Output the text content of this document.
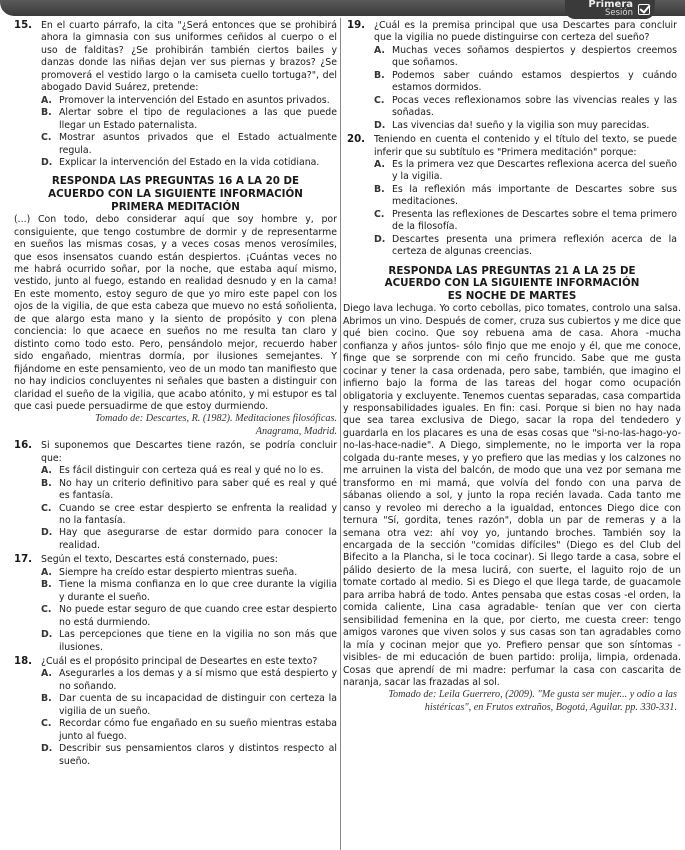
Primera
Sesión
15. En el cuarto párrafo, la cita "¿Será entonces que se prohibirá ahora la gimnasia con sus uniformes ceñidos al cuerpo o el uso de falditas? ¿Se prohibirán también ciertos bailes y danzas donde las niñas dejan ver sus piernas y brazos? ¿Se promoverá el vestido largo o la camiseta cuello tortuga?", del abogado David Suárez, pretende:
A. Promover la intervención del Estado en asuntos privados.
B. Alertar sobre el tipo de regulaciones a las que puede llegar un Estado paternalista.
C. Mostrar asuntos privados que el Estado actualmente regula.
D. Explicar la intervención del Estado en la vida cotidiana.
RESPONDA LAS PREGUNTAS 16 A LA 20 DE
ACUERDO CON LA SIGUIENTE INFORMACIÓN
PRIMERA MEDITACIÓN

(...) Con todo, debo considerar aquí que soy hombre y, por consiguiente, que tengo costumbre de dormir y de representarme en sueños las mismas cosas, y a veces cosas menos verosímiles, que esos insensatos cuando están despiertos. ¡Cuántas veces no me habrá ocurrido soñar, por la noche, que estaba aquí mismo, vestido, junto al fuego, estando en realidad desnudo y en la cama! En este momento, estoy seguro de que yo miro este papel con los ojos de la vigilia, de que esta cabeza que muevo no está soñolienta, de que alargo esta mano y la siento de propósito y con plena conciencia: lo que acaece en sueños no me resulta tan claro y distinto como todo esto. Pero, pensándolo mejor, recuerdo haber sido engañado, mientras dormía, por ilusiones semejantes. Y fijándome en este pensamiento, veo de un modo tan manifiesto que no hay indicios concluyentes ni señales que basten a distinguir con claridad el sueño de la vigilia, que acabo atónito, y mi estupor es tal que casi puede persuadirme de que estoy durmiendo.

Tomado de: Descartes, R. (1982). Meditaciones filosóficas.
Anagrama, Madrid.
16. Si suponemos que Descartes tiene razón, se podría concluir que:
A. Es fácil distinguir con certeza quá es real y qué no lo es.
B. No hay un criterio definitivo para saber qué es real y qué es fantasía.
C. Cuando se cree estar despierto se enfrenta la realidad y no la fantasía.
D. Hay que asegurarse de estar dormido para conocer la realidad.
17. Según el texto, Descartes está consternado, pues:
A. Siempre ha creído estar despierto mientras sueña.
B. Tiene la misma confianza en lo que cree durante la vigilia y durante el sueño.
C. No puede estar seguro de que cuando cree estar despierto no está durmiendo.
D. Las percepciones que tiene en la vigilia no son más que ilusiones.
18. ¿Cuál es el propósito principal de Deseartes en este texto?
A. Asegurarles a los demas y a sí mismo que está despierto y no soñando.
B. Dar cuenta de su incapacidad de distinguir con certeza la vigilia de un sueño.
C. Recordar cómo fue engañado en su sueño mientras estaba junto al fuego.
D. Describir sus pensamientos claros y distintos respecto al sueño.
19. ¿Cuál es la premisa principal que usa Descartes para concluir que la vigilia no puede distinguirse con certeza del sueño?
A. Muchas veces soñamos despiertos y despiertos creemos que soñamos.
B. Podemos saber cuándo estamos despiertos y cuándo estamos dormidos.
C. Pocas veces reflexionamos sobre las vivencias reales y las soñadas.
D. Las vivencias da! sueño y la vigilia son muy parecidas.
20. Teniendo en cuenta el contenido y el título del texto, se puede inferir que su subtítulo es "Primera meditación" porque:
A. Es la primera vez que Descartes reflexiona acerca del sueño y la vigilia.
B. Es la reflexión más importante de Descartes sobre sus meditaciones.
C. Presenta las reflexiones de Descartes sobre el tema primero de la filosofía.
D. Descartes presenta una primera reflexión acerca de la certeza de algunas creencias.
RESPONDA LAS PREGUNTAS 21 A LA 25 DE
ACUERDO CON LA SIGUIENTE INFORMACIÓN
ES NOCHE DE MARTES

Diego lava lechuga. Yo corto cebollas, pico tomates, controlo una salsa. Abrimos un vino. Después de comer, cruza sus cubiertos y me dice que qué bien cocino. Que soy rebuena ama de casa. Ahora -mucha confianza y años juntos- sólo finjo que me enojo y él, que me conoce, finge que se sorprende con mi ceño fruncido. Sabe que me gusta cocinar y tener la casa ordenada, pero sabe, también, que imagino el infierno bajo la forma de las tareas del hogar como ocupación obligatoria y excluyente. Tenemos cuentas separadas, casa compartida y responsabilidades iguales. En fin: casi. Porque si bien no hay nada que sea tarea exclusiva de Diego, sacar la ropa del tendedero y guardarla en los placares es una de esas cosas que "si-no-las-hago-yo-no-las-hace-nadie". A Diego, simplemente, no le importa ver la ropa colgada du-rante meses, y yo prefiero que las medias y los calzones no me arruinen la vista del balcón, de modo que una vez por semana me transformo en mi mamá, que volvía del fondo con una parva de sábanas oliendo a sol, y junto la ropa recién lavada. Cada tanto me canso y revoleo mi derecho a la igualdad, entonces Diego dice con ternura "Sí, gordita, tenes razón", dobla un par de remeras y a la semana otra vez: ahí voy yo, juntando broches. También soy la encargada de la sección "comidas difíciles" (Diego es del Club del Bifecito a la Plancha, si le toca cocinar). Si llego tarde a casa, sobre el pálido desierto de la mesa lucirá, con suerte, el laguito rojo de un tomate cortado al medio. Si es Diego el que llega tarde, de guacamole para arriba habrá de todo. Antes pensaba que estas cosas -el orden, la comida caliente, Lina casa agradable- tenían que ver con cierta sensibilidad femenina en la que, por cierto, me cuesta creer: tengo amigos varones que viven solos y sus casas son tan agradables como la mía y cocinan mejor que yo. Prefiero pensar que son síntomas -visibles- de mi educación de buen partido: prolija, limpia, ordenada. Cosas que aprendí de mi madre: perfumar la casa con cascarita de naranja, sacar las frazadas al sol.

Tomado de: Leila Guerrero, (2009). "Me gusta ser mujer... y odio a las
histéricas", en Frutos extraños, Bogotá, Aguilar. pp. 330-331.
